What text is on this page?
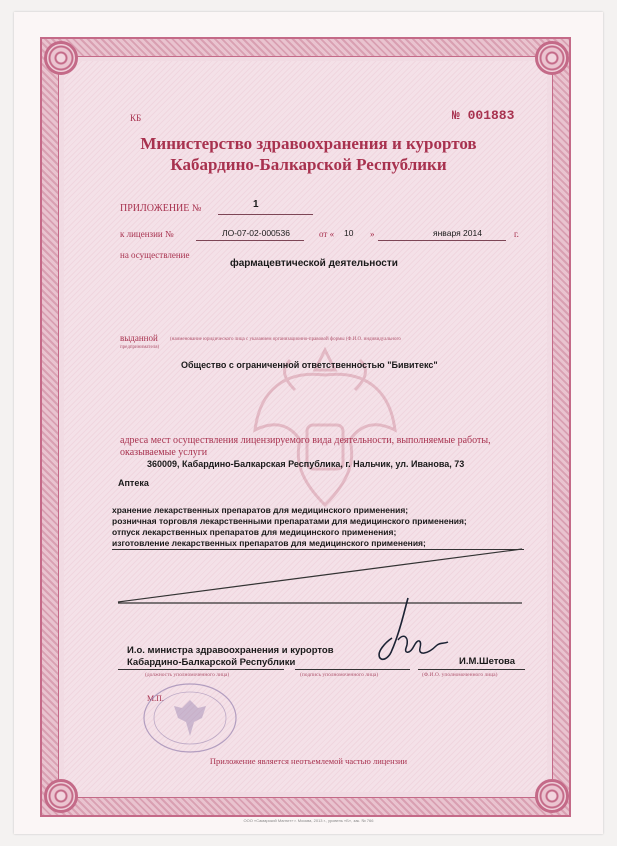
КБ	№ 001883
Министерство здравоохранения и курортов
Кабардино-Балкарской Республики
ПРИЛОЖЕНИЕ №	1
к лицензии №	ЛО-07-02-000536	от « 10 »	января 2014	г.
на осуществление
фармацевтической деятельности
выданной (наименование юридического лица с указанием организационно-правовой формы (Ф.И.О. индивидуального
предпринимателя)
Общество с ограниченной ответственностью "Бивитекс"
адреса мест осуществления лицензируемого вида деятельности, выполняемые работы,
оказываемые услуги
360009, Кабардино-Балкарская Республика, г. Нальчик, ул. Иванова, 73
Аптека
хранение лекарственных препаратов для медицинского применения;
розничная торговля лекарственными препаратами для медицинского применения;
отпуск лекарственных препаратов для медицинского применения;
изготовление лекарственных препаратов для медицинского применения;
И.о. министра здравоохранения и курортов
Кабардино-Балкарской Республики	И.М.Шетова
(должность уполномоченного лица)	(подпись уполномоченного лица)	(Ф.И.О. уполномоченного лица)
М.П.
Приложение является неотъемлемой частью лицензии
ООО «Самарский Магнит» г. Москва, 2013 г., уровень «Б», зак. № 766
